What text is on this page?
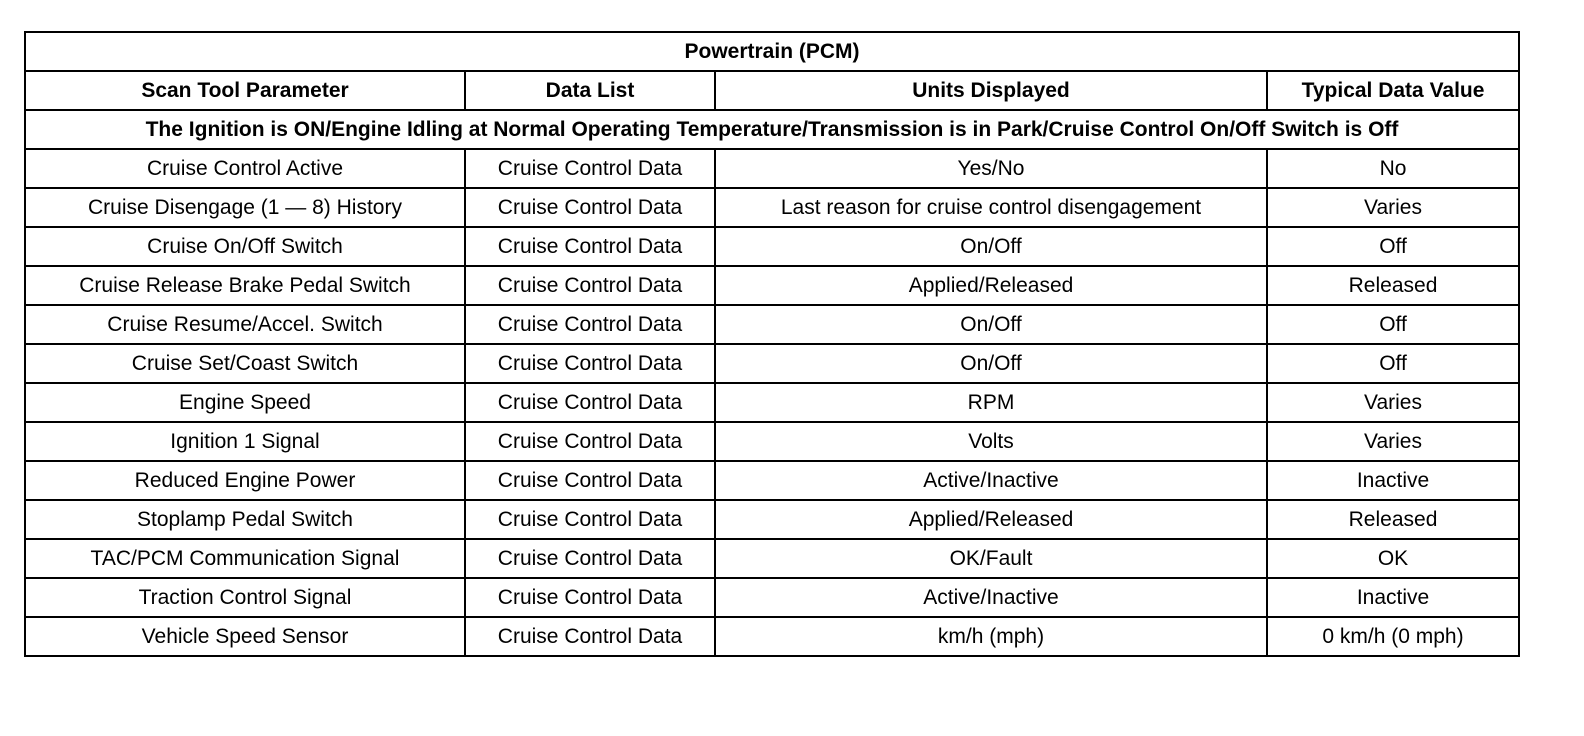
Powertrain (PCM)			
Scan Tool Parameter	Data List	Units Displayed	Typical Data Value
The Ignition is ON/Engine Idling at Normal Operating Temperature/Transmission is in Park/Cruise Control On/Off Switch is Off			
Cruise Control Active	Cruise Control Data	Yes/No	No
Cruise Disengage (1 — 8) History	Cruise Control Data	Last reason for cruise control disengagement	Varies
Cruise On/Off Switch	Cruise Control Data	On/Off	Off
Cruise Release Brake Pedal Switch	Cruise Control Data	Applied/Released	Released
Cruise Resume/Accel. Switch	Cruise Control Data	On/Off	Off
Cruise Set/Coast Switch	Cruise Control Data	On/Off	Off
Engine Speed	Cruise Control Data	RPM	Varies
Ignition 1 Signal	Cruise Control Data	Volts	Varies
Reduced Engine Power	Cruise Control Data	Active/Inactive	Inactive
Stoplamp Pedal Switch	Cruise Control Data	Applied/Released	Released
TAC/PCM Communication Signal	Cruise Control Data	OK/Fault	OK
Traction Control Signal	Cruise Control Data	Active/Inactive	Inactive
Vehicle Speed Sensor	Cruise Control Data	km/h (mph)	0 km/h (0 mph)
